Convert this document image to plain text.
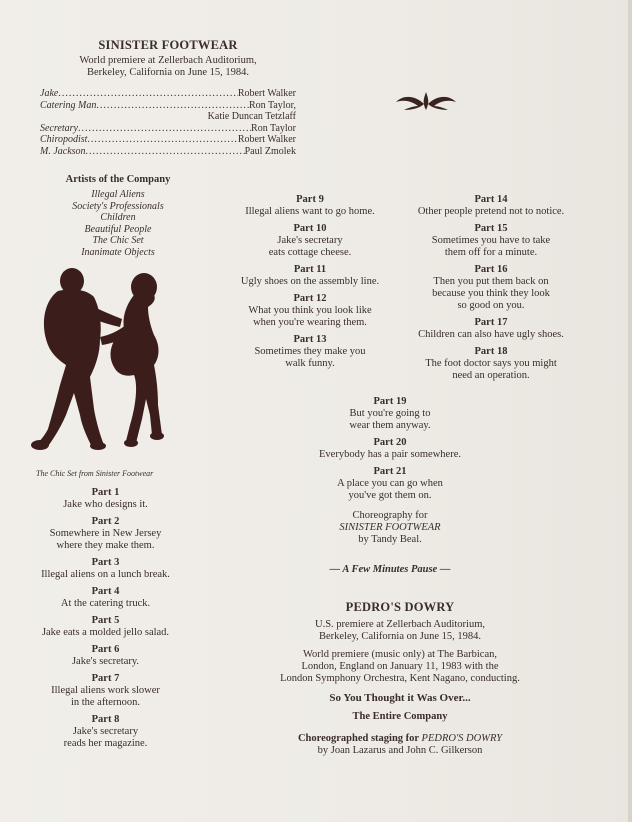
SINISTER FOOTWEAR
World premiere at Zellerbach Auditorium,
Berkeley, California on June 15, 1984.
Jake .....	Robert Walker
Catering Man .....	Ron Taylor,
Katie Duncan Tetzlaff
Secretary .....	Ron Taylor
Chiropodist .....	Robert Walker
M. Jackson .....	Paul Zmolek
Artists of the Company
Illegal Aliens
Society's Professionals
Children
Beautiful People
The Chic Set
Inanimate Objects
The Chic Set from Sinister Footwear
Part 1
Jake who designs it.
Part 2
Somewhere in New Jersey
where they make them.
Part 3
Illegal aliens on a lunch break.
Part 4
At the catering truck.
Part 5
Jake eats a molded jello salad.
Part 6
Jake's secretary.
Part 7
Illegal aliens work slower
in the afternoon.
Part 8
Jake's secretary
reads her magazine.
Part 9
Illegal aliens want to go home.
Part 10
Jake's secretary
eats cottage cheese.
Part 11
Ugly shoes on the assembly line.
Part 12
What you think you look like
when you're wearing them.
Part 13
Sometimes they make you
walk funny.
Part 14
Other people pretend not to notice.
Part 15
Sometimes you have to take
them off for a minute.
Part 16
Then you put them back on
because you think they look
so good on you.
Part 17
Children can also have ugly shoes.
Part 18
The foot doctor says you might
need an operation.
Part 19
But you're going to
wear them anyway.
Part 20
Everybody has a pair somewhere.
Part 21
A place you can go when
you've got them on.
Choreography for
SINISTER FOOTWEAR
by Tandy Beal.
— A Few Minutes Pause —
PEDRO'S DOWRY
U.S. premiere at Zellerbach Auditorium,
Berkeley, California on June 15, 1984.
World premiere (music only) at The Barbican,
London, England on January 11, 1983 with the
London Symphony Orchestra, Kent Nagano, conducting.
So You Thought it Was Over...
The Entire Company
Choreographed staging for PEDRO'S DOWRY
by Joan Lazarus and John C. Gilkerson
